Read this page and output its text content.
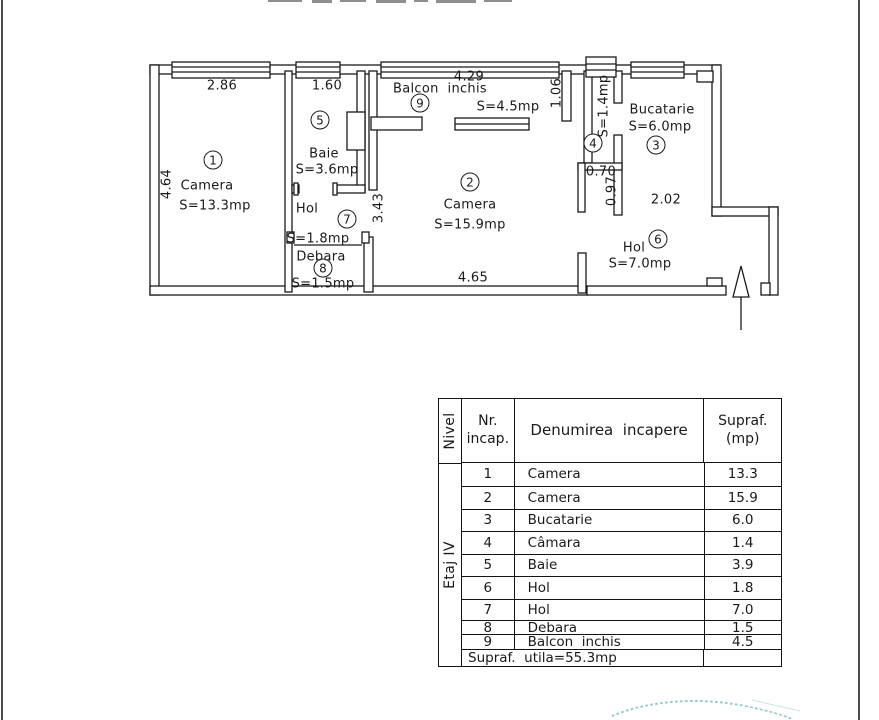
2.86	1.60
4.29
4.64
1.06
3.43
4.65
0.70
0.97 2.02
1
2
3
4
5
6
7
8
9
Camera
S=13.3mp	Camera
S=15.9mp
Bucatarie
S=6.0mp
S=1.4mp
Baie
S=3.6mp
Hol
S=7.0mp
Hol
S=1.8mp
Debara
S=1.5mp
Balcon  inchis
S=4.5mp
Nivel
Etaj IV
Nr.
incap.	Denumirea  incapere
Supraf.
(mp)
1	Camera	13.3
2	Camera	15.9
3	Bucatarie	6.0
4	Câmara	1.4
5	Baie	3.9
6	Hol	1.8
7	Hol	7.0
8	Debara	1.5
9	Balcon  inchis	4.5
Supraf.  utila=55.3mp
